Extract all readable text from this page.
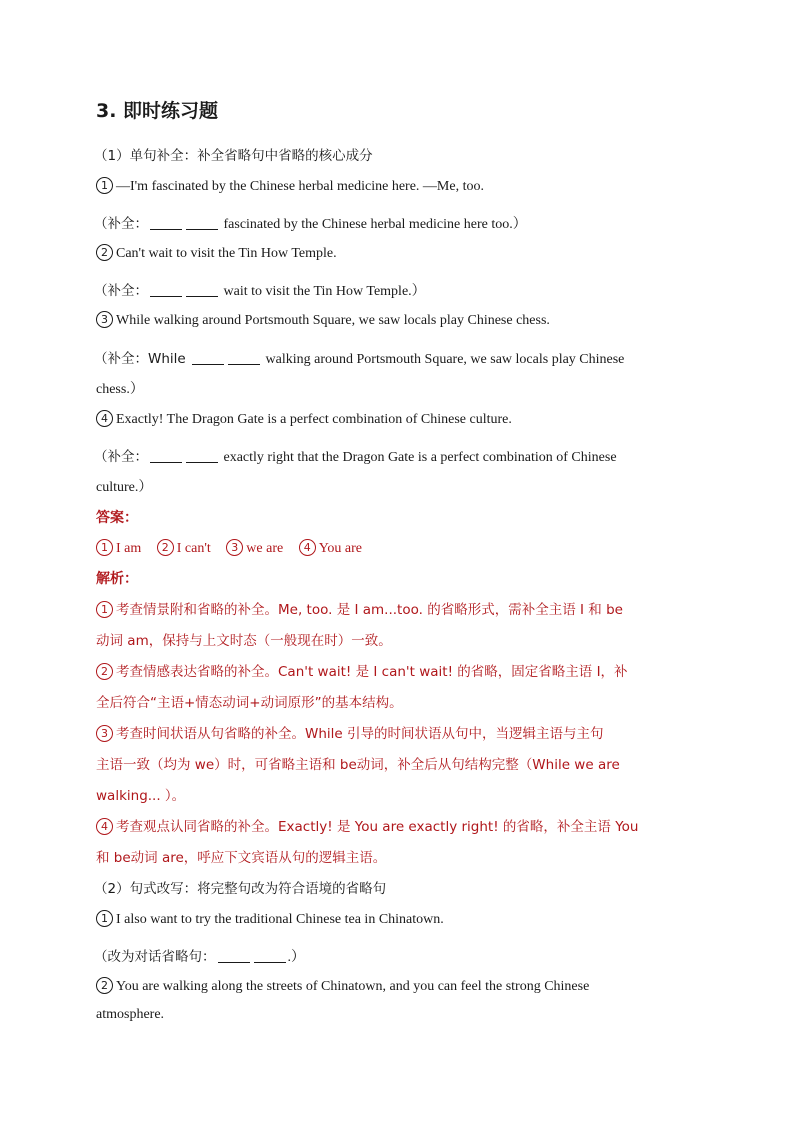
3. 即时练习题
（1）单句补全：补全省略句中省略的核心成分
1 —I'm fascinated by the Chinese herbal medicine here. —Me, too.
（补全：	fascinated by the Chinese herbal medicine here too.）
2 Can't wait to visit the Tin How Temple.
（补全：	wait to visit the Tin How Temple.）
3 While walking around Portsmouth Square, we saw locals play Chinese chess.
（补全：While	walking around Portsmouth Square, we saw locals play Chinese
chess.）
4 Exactly! The Dragon Gate is a perfect combination of Chinese culture.
（补全：	exactly right that the Dragon Gate is a perfect combination of Chinese
culture.）
答案：
1 I am 2 I can't 3 we are 4 You are
解析：
1 考查情景附和省略的补全。Me, too. 是 I am...too. 的省略形式，需补全主语 I 和 be
动词 am，保持与上文时态（一般现在时）一致。
2 考查情感表达省略的补全。Can't wait! 是 I can't wait! 的省略，固定省略主语 I，补
全后符合“主语+情态动词+动词原形”的基本结构。
3 考查时间状语从句省略的补全。While 引导的时间状语从句中，当逻辑主语与主句
主语一致（均为 we）时，可省略主语和 be动词，补全后从句结构完整（While we are
walking... ）。
4 考查观点认同省略的补全。Exactly! 是 You are exactly right! 的省略，补全主语 You
和 be动词 are，呼应下文宾语从句的逻辑主语。
（2）句式改写：将完整句改为符合语境的省略句
1 I also want to try the traditional Chinese tea in Chinatown.
（改为对话省略句：	.）
2 You are walking along the streets of Chinatown, and you can feel the strong Chinese
atmosphere.
